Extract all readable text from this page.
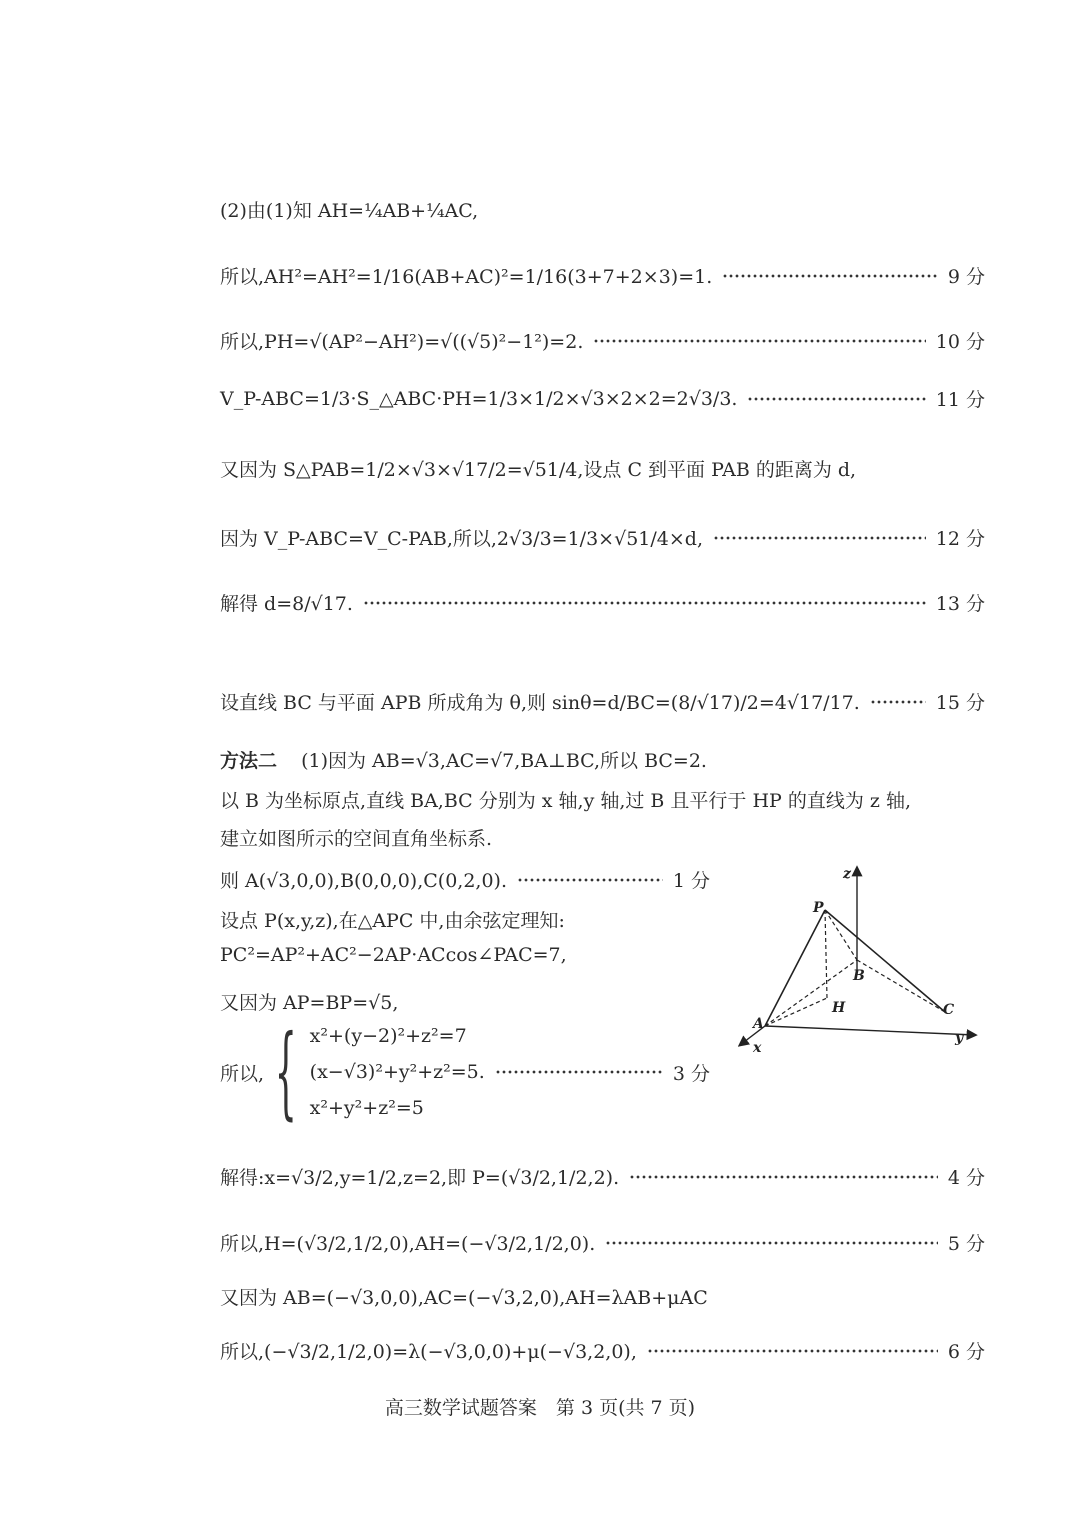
(2)由(1)知 AH=¼AB+¼AC,
所以,AH²=AH²=1/16(AB+AC)²=1/16(3+7+2×3)=1.	9 分
所以,PH=√(AP²−AH²)=√((√5)²−1²)=2.	10 分
V_P-ABC=1/3·S_△ABC·PH=1/3×1/2×√3×2×2=2√3/3.	11 分
又因为 S△PAB=1/2×√3×√17/2=√51/4,设点 C 到平面 PAB 的距离为 d,
因为 V_P-ABC=V_C-PAB,所以,2√3/3=1/3×√51/4×d,	12 分
解得 d=8/√17.	13 分
设直线 BC 与平面 APB 所成角为 θ,则 sinθ=d/BC=(8/√17)/2=4√17/17.	15 分
方法二 (1)因为 AB=√3,AC=√7,BA⊥BC,所以 BC=2.
以 B 为坐标原点,直线 BA,BC 分别为 x 轴,y 轴,过 B 且平行于 HP 的直线为 z 轴,
建立如图所示的空间直角坐标系.
则 A(√3,0,0),B(0,0,0),C(0,2,0).	1 分
设点 P(x,y,z),在△APC 中,由余弦定理知:
PC²=AP²+AC²−2AP·ACcos∠PAC=7,
又因为 AP=BP=√5,
所以, { x²+(y−2)²+z²=7
(x−√3)²+y²+z²=5.
x²+y²+z²=5
3 分
解得:x=√3/2,y=1/2,z=2,即 P=(√3/2,1/2,2).	4 分
所以,H=(√3/2,1/2,0),AH=(−√3/2,1/2,0).	5 分
又因为 AB=(−√3,0,0),AC=(−√3,2,0),AH=λAB+μAC
所以,(−√3/2,1/2,0)=λ(−√3,0,0)+μ(−√3,2,0),	6 分
z
P
B
H
A
C
x
y
高三数学试题答案　第 3 页(共 7 页)
